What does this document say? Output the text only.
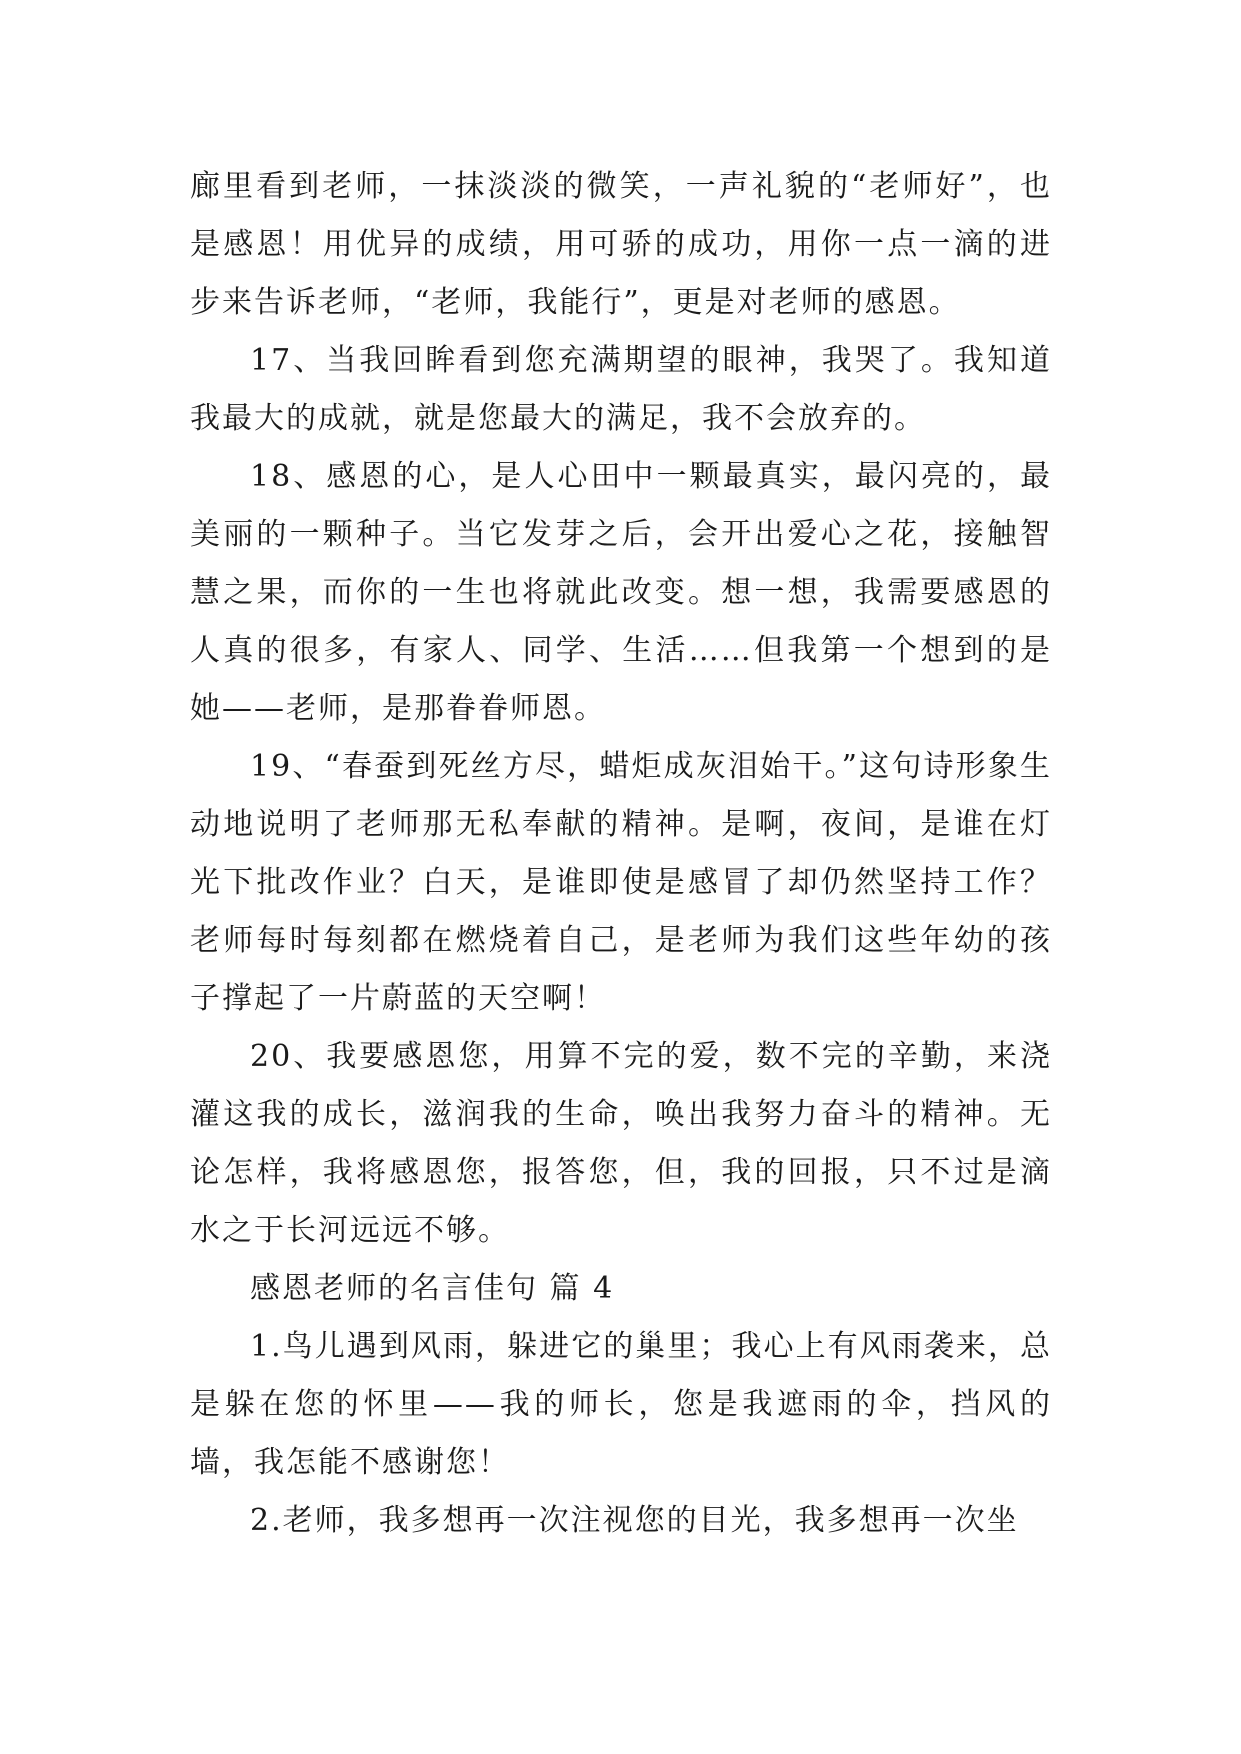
廊里看到老师，一抹淡淡的微笑，一声礼貌的“老师好”，也是感恩！用优异的成绩，用可骄的成功，用你一点一滴的进步来告诉老师，“老师，我能行”，更是对老师的感恩。

17、当我回眸看到您充满期望的眼神，我哭了。我知道我最大的成就，就是您最大的满足，我不会放弃的。

18、感恩的心，是人心田中一颗最真实，最闪亮的，最美丽的一颗种子。当它发芽之后，会开出爱心之花，接触智慧之果，而你的一生也将就此改变。想一想，我需要感恩的人真的很多，有家人、同学、生活……但我第一个想到的是她——老师，是那眷眷师恩。

19、“春蚕到死丝方尽，蜡炬成灰泪始干。”这句诗形象生动地说明了老师那无私奉献的精神。是啊，夜间，是谁在灯光下批改作业？白天，是谁即使是感冒了却仍然坚持工作？老师每时每刻都在燃烧着自己，是老师为我们这些年幼的孩子撑起了一片蔚蓝的天空啊！

20、我要感恩您，用算不完的爱，数不完的辛勤，来浇灌这我的成长，滋润我的生命，唤出我努力奋斗的精神。无论怎样，我将感恩您，报答您，但，我的回报，只不过是滴水之于长河远远不够。

感恩老师的名言佳句 篇 4

1.鸟儿遇到风雨，躲进它的巢里；我心上有风雨袭来，总是躲在您的怀里——我的师长，您是我遮雨的伞，挡风的墙，我怎能不感谢您！

2.老师，我多想再一次注视您的目光，我多想再一次坐
